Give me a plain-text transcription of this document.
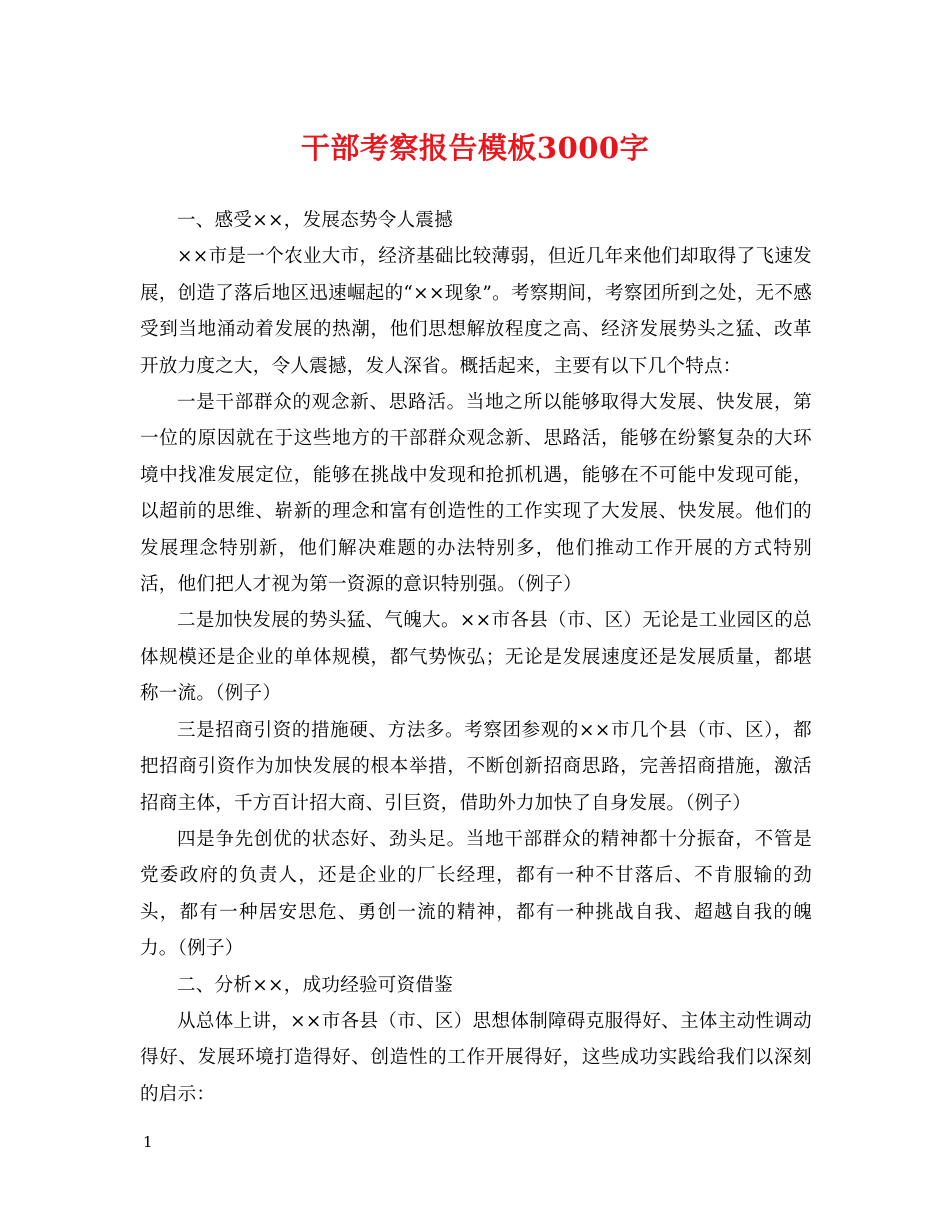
干部考察报告模板3000字

一、感受××，发展态势令人震撼

××市是一个农业大市，经济基础比较薄弱，但近几年来他们却取得了飞速发展，创造了落后地区迅速崛起的“××现象”。考察期间，考察团所到之处，无不感受到当地涌动着发展的热潮，他们思想解放程度之高、经济发展势头之猛、改革开放力度之大，令人震撼，发人深省。概括起来，主要有以下几个特点：

一是干部群众的观念新、思路活。当地之所以能够取得大发展、快发展，第一位的原因就在于这些地方的干部群众观念新、思路活，能够在纷繁复杂的大环境中找准发展定位，能够在挑战中发现和抢抓机遇，能够在不可能中发现可能，以超前的思维、崭新的理念和富有创造性的工作实现了大发展、快发展。他们的发展理念特别新，他们解决难题的办法特别多，他们推动工作开展的方式特别活，他们把人才视为第一资源的意识特别强。（例子）

二是加快发展的势头猛、气魄大。××市各县（市、区）无论是工业园区的总体规模还是企业的单体规模，都气势恢弘；无论是发展速度还是发展质量，都堪称一流。（例子）

三是招商引资的措施硬、方法多。考察团参观的××市几个县（市、区），都把招商引资作为加快发展的根本举措，不断创新招商思路，完善招商措施，激活招商主体，千方百计招大商、引巨资，借助外力加快了自身发展。（例子）

四是争先创优的状态好、劲头足。当地干部群众的精神都十分振奋，不管是党委政府的负责人，还是企业的厂长经理，都有一种不甘落后、不肯服输的劲头，都有一种居安思危、勇创一流的精神，都有一种挑战自我、超越自我的魄力。（例子）

二、分析××，成功经验可资借鉴

从总体上讲，××市各县（市、区）思想体制障碍克服得好、主体主动性调动得好、发展环境打造得好、创造性的工作开展得好，这些成功实践给我们以深刻的启示：

1
